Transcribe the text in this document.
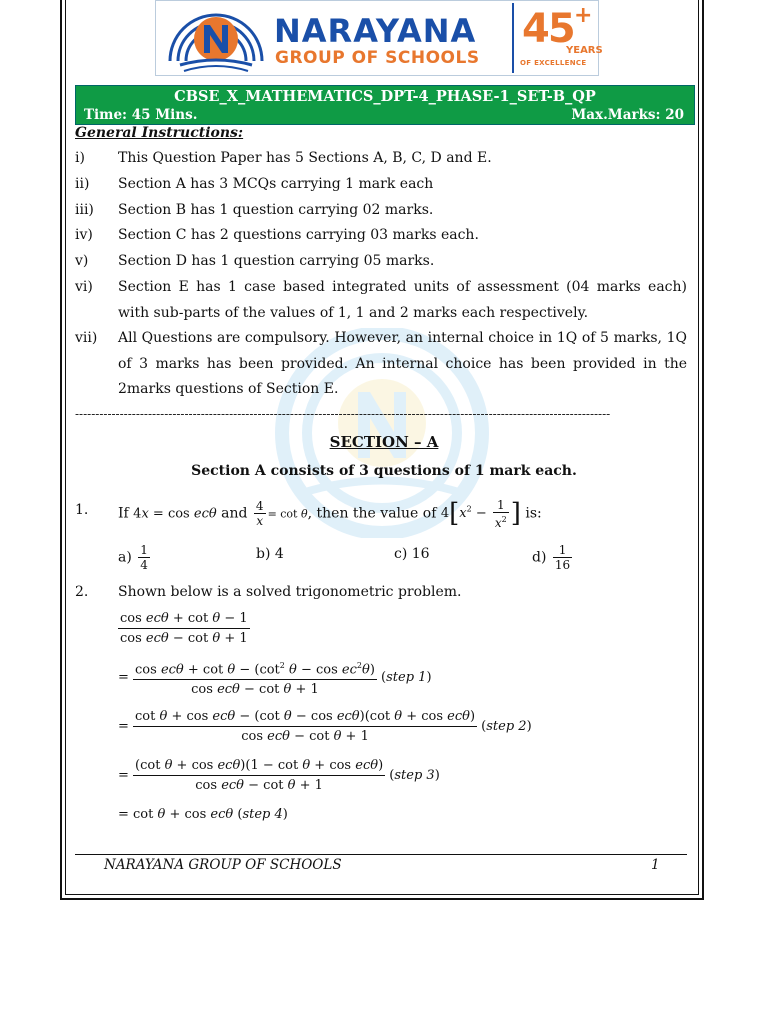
NARAYANA
GROUP OF SCHOOLS
45 +
YEARS
OF EXCELLENCE
CBSE_X_MATHEMATICS_DPT-4_PHASE-1_SET-B_QP
Time: 45 Mins.	Max.Marks: 20
General Instructions:
i) This Question Paper has 5 Sections A, B, C, D and E.
ii) Section A has 3 MCQs carrying 1 mark each
iii) Section B has 1 question carrying 02 marks.
iv) Section C has 2 questions carrying 03 marks each.
v) Section D has 1 question carrying 05 marks.
vi) Section E has 1 case based integrated units of assessment (04 marks each) with sub-parts of the values of 1, 1 and 2 marks each respectively.
vii) All Questions are compulsory. However, an internal choice in 1Q of 5 marks, 1Q of 3 marks has been provided. An internal choice has been provided in the 2marks questions of Section E.
------------------------------------------------------------------------------------------------------------------------------------
SECTION – A
Section A consists of 3 questions of 1 mark each.
1. If 4x = cos ecθ and $\frac{4}{x} = \cot \theta$, then the value of $4[x^2 - \frac{1}{x^2}$ ] is:
$a) \frac{1}{4}$	b) 4	c) 16	$d) \frac{1}{16}$
2. Shown below is a solved trigonometric problem.
cos ecθ + cot θ − 1
cos ecθ − cot θ + 1
=
$\cos ec\theta + \cot \theta - (\cot^2$ $\theta - \cos ec^2\theta$)
cos ecθ − cot θ + 1
(step 1)
=
cot θ + cos ecθ − (cot θ − cos ecθ)(cot θ + cos ecθ)
cos ecθ − cot θ + 1
(step 2)
=
(cot θ + cos ecθ)(1 − cot θ + cos ecθ)
cos ecθ − cot θ + 1
(step 3)
= cot θ + cos ecθ (step 4)
NARAYANA GROUP OF SCHOOLS	1
